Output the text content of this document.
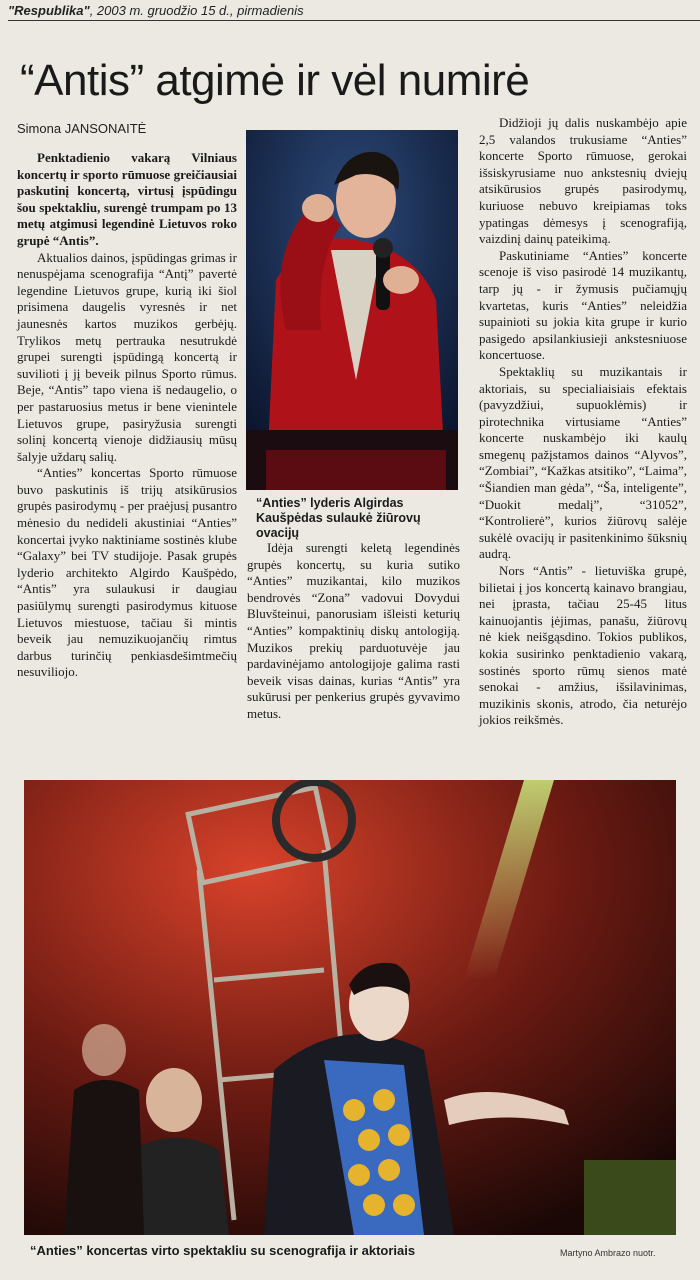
"Respublika", 2003 m. gruodžio 15 d., pirmadienis
“Antis” atgimė ir vėl numirė
Simona JANSONAITĖ

Penktadienio vakarą Vilniaus koncertų ir sporto rūmuose greičiausiai paskutinį koncertą, virtusį įspūdingu šou spektakliu, surengė trumpam po 13 metų atgimusi legendinė Lietuvos roko grupė “Antis”.

Aktualios dainos, įspūdingas grimas ir nenuspėjama scenografija “Antį” pavertė legendine Lietuvos grupe, kurią iki šiol prisimena daugelis vyresnės ir net jaunesnės kartos muzikos gerbėjų. Trylikos metų pertrauka nesutrukdė grupei surengti įspūdingą koncertą ir suvilioti į jį beveik pilnus Sporto rūmus. Beje, “Antis” tapo viena iš nedaugelio, o per pastaruosius metus ir bene vienintele Lietuvos grupe, pasiryžusia surengti solinį koncertą vienoje didžiausių mūsų šalyje uždarų salių.

“Anties” koncertas Sporto rūmuose buvo paskutinis iš trijų atsikūrusios grupės pasirodymų - per praėjusį pusantro mėnesio du nedideli akustiniai “Anties” koncertai įvyko naktiniame sostinės klube “Galaxy” bei TV studijoje. Pasak grupės lyderio architekto Algirdo Kaušpėdo, “Antis” yra sulaukusi ir daugiau pasiūlymų surengti pasirodymus kituose Lietuvos miestuose, tačiau ši mintis beveik jau nemuzikuojančių rimtus darbus turinčių penkiasdešimtmečių nesuviliojo.

“Anties” lyderis Algirdas Kaušpėdas sulaukė žiūrovų ovacijų

Idėja surengti keletą legendinės grupės koncertų, su kuria sutiko “Anties” muzikantai, kilo muzikos bendrovės “Zona” vadovui Dovydui Bluvšteinui, panorusiam išleisti keturių “Anties” kompaktinių diskų antologiją. Muzikos prekių parduotuvėje jau pardavinėjamo antologijoje galima rasti beveik visas dainas, kurias “Antis” yra sukūrusi per penkerius grupės gyvavimo metus.

Didžioji jų dalis nuskambėjo apie 2,5 valandos trukusiame “Anties” koncerte Sporto rūmuose, gerokai išsiskyrusiame nuo ankstesnių dviejų atsikūrusios grupės pasirodymų, kuriuose nebuvo kreipiamas toks ypatingas dėmesys į scenografiją, vaizdinį dainų pateikimą.

Paskutiniame “Anties” koncerte scenoje iš viso pasirodė 14 muzikantų, tarp jų - ir žymusis pučiamųjų kvartetas, kuris “Anties” neleidžia supainioti su jokia kita grupe ir kurio pasigedo apsilankiusieji ankstesniuose koncertuose.

Spektaklių su muzikantais ir aktoriais, su specialiaisiais efektais (pavyzdžiui, supuoklėmis) ir pirotechnika virtusiame “Anties” koncerte nuskambėjo iki kaulų smegenų pažįstamos dainos “Alyvos”, “Zombiai”, “Kažkas atsitiko”, “Laima”, “Šiandien man gėda”, “Ša, inteligente”, “Duokit medalį”, “31052”, “Kontrolierė”, kurios žiūrovų salėje sukėlė ovacijų ir pasitenkinimo šūksnių audrą.

Nors “Antis” - lietuviška grupė, bilietai į jos koncertą kainavo brangiau, nei įprasta, tačiau 25-45 litus kainuojantis įėjimas, panašu, žiūrovų nė kiek neišgąsdino. Tokios publikos, kokia susirinko penktadienio vakarą, sostinės sporto rūmų sienos matė senokai - amžius, išsilavinimas, muzikinis skonis, atrodo, čia neturėjo jokios reikšmės.

“Anties” koncertas virto spektakliu su scenografija ir aktoriais	Martyno Ambrazo nuotr.
